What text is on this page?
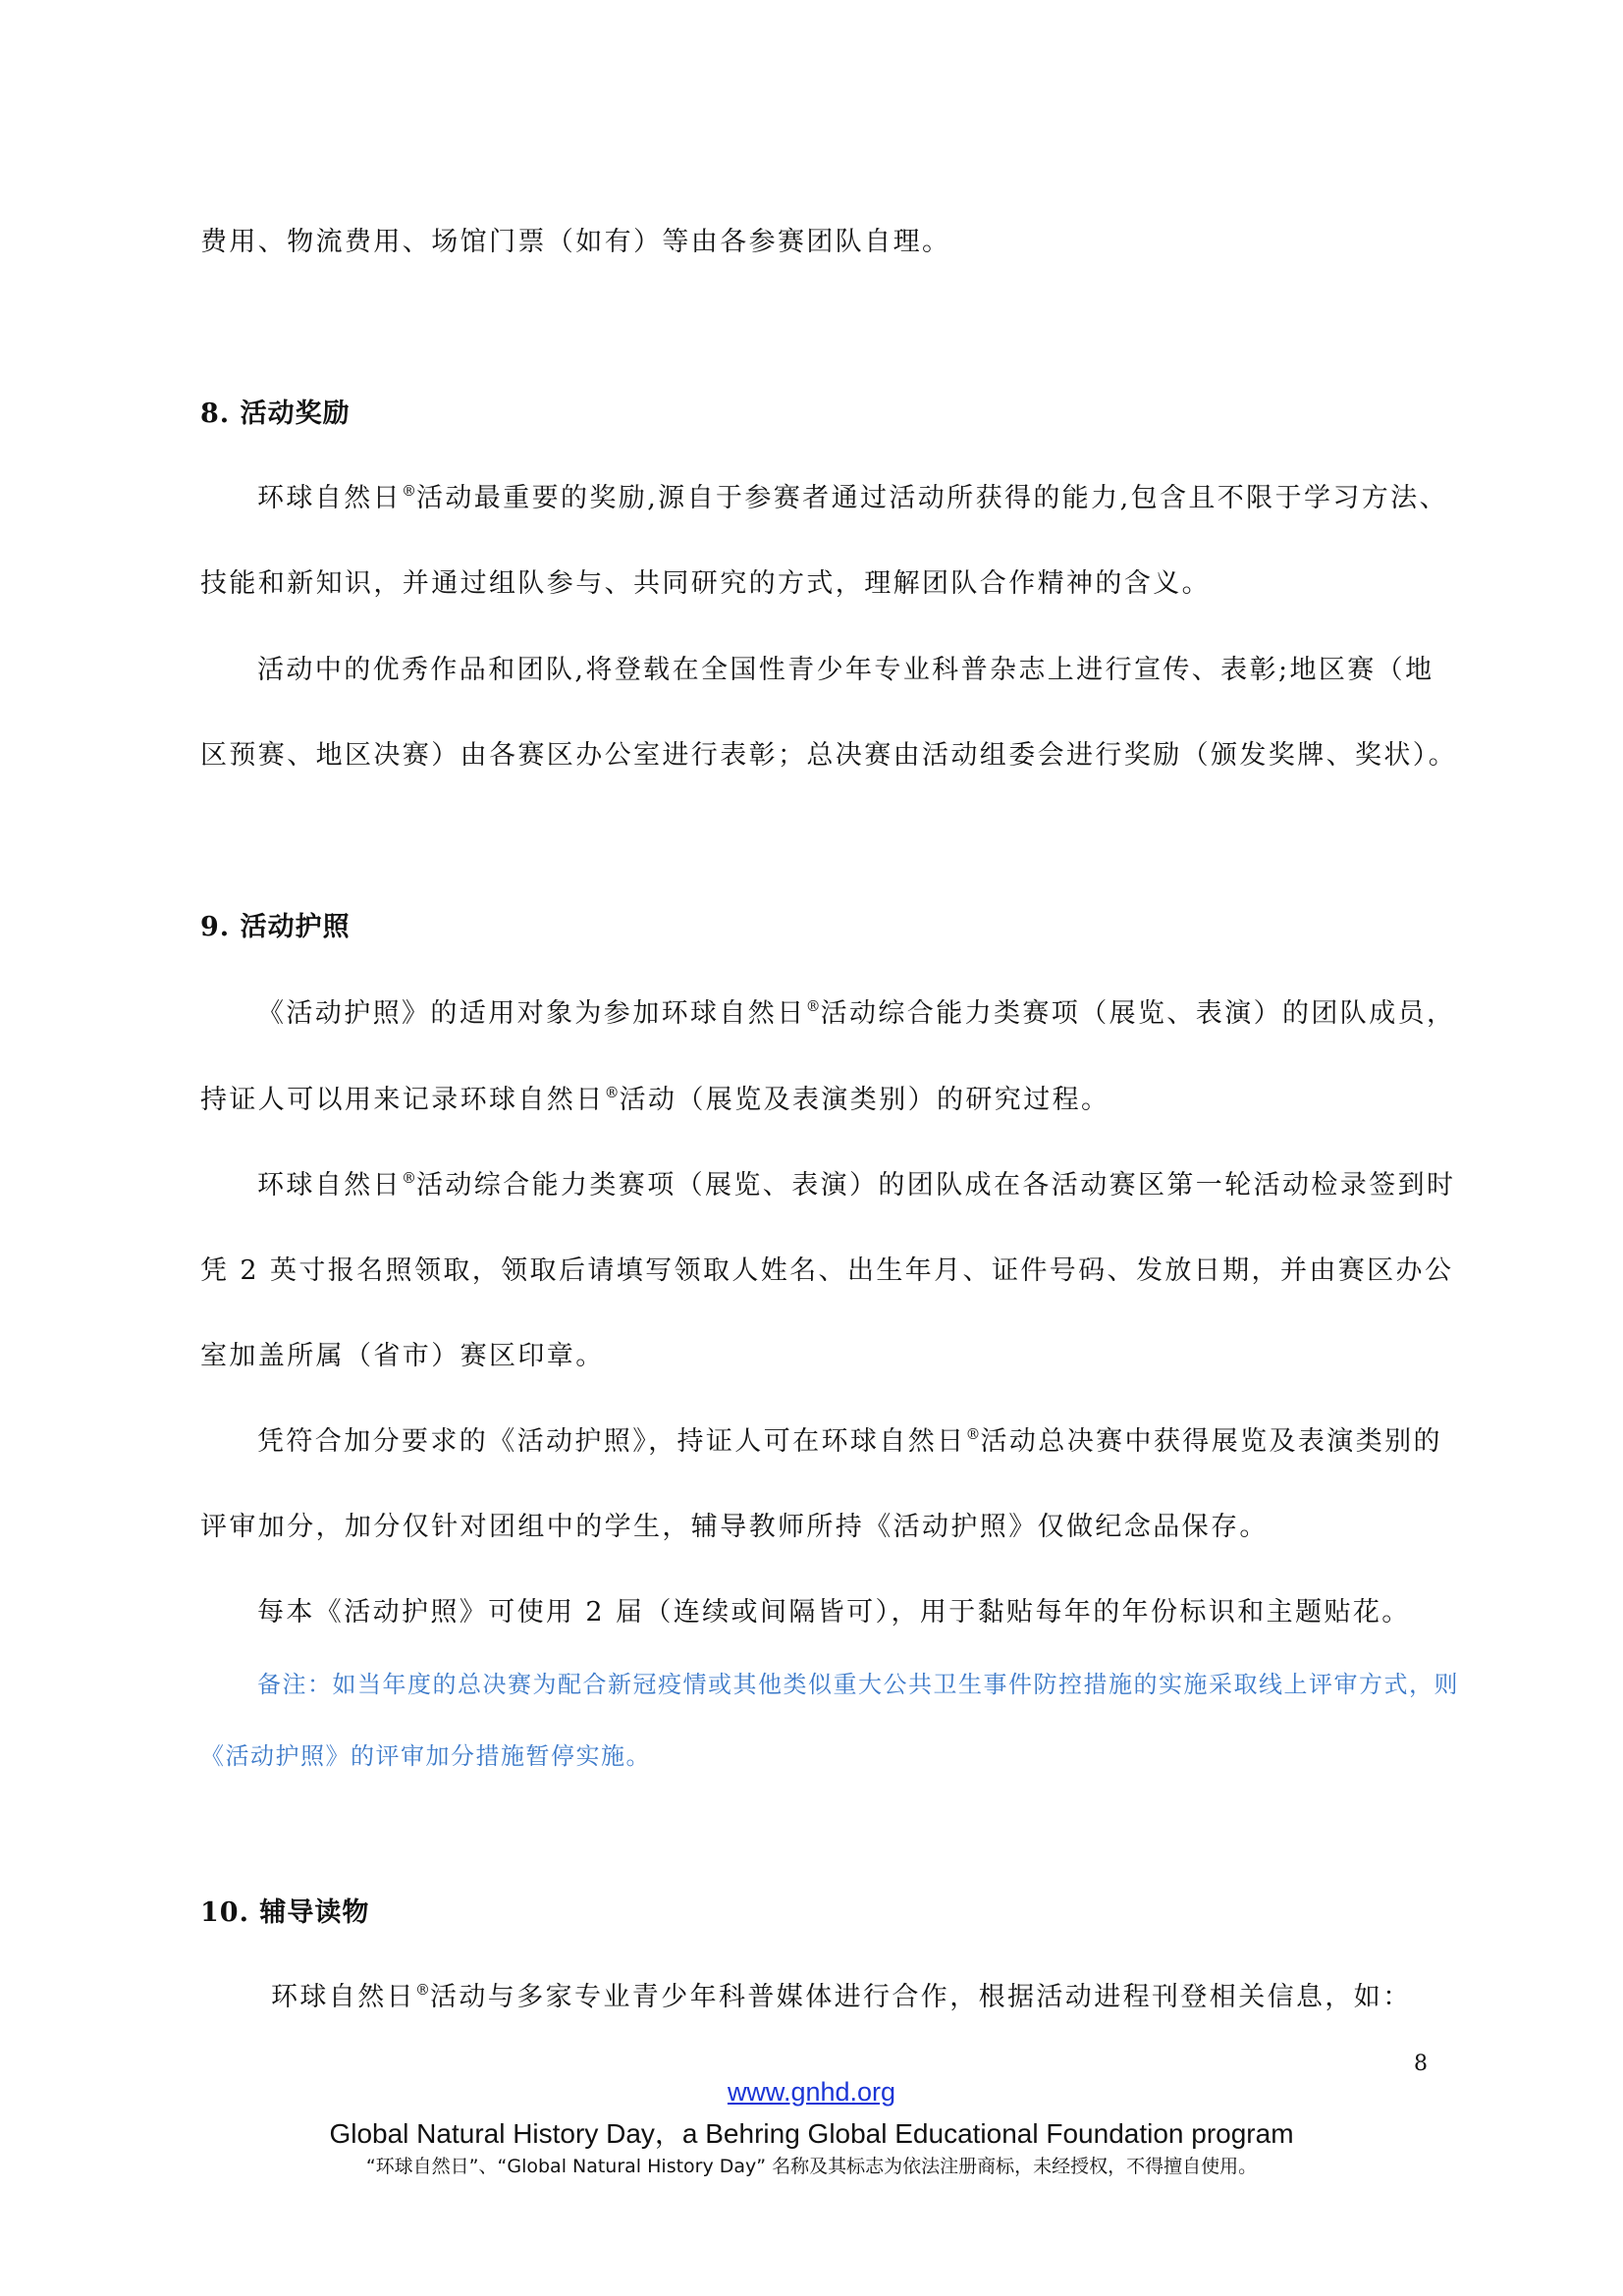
费用、物流费用、场馆门票（如有）等由各参赛团队自理。
8. 活动奖励
环球自然日®活动最重要的奖励,源自于参赛者通过活动所获得的能力,包含且不限于学习方法、
技能和新知识，并通过组队参与、共同研究的方式，理解团队合作精神的含义。
活动中的优秀作品和团队,将登载在全国性青少年专业科普杂志上进行宣传、表彰;地区赛（地
区预赛、地区决赛）由各赛区办公室进行表彰；总决赛由活动组委会进行奖励（颁发奖牌、奖状）。
9. 活动护照
《活动护照》的适用对象为参加环球自然日®活动综合能力类赛项（展览、表演）的团队成员，
持证人可以用来记录环球自然日®活动（展览及表演类别）的研究过程。
环球自然日®活动综合能力类赛项（展览、表演）的团队成在各活动赛区第一轮活动检录签到时
凭 2 英寸报名照领取，领取后请填写领取人姓名、出生年月、证件号码、发放日期，并由赛区办公
室加盖所属（省市）赛区印章。
凭符合加分要求的《活动护照》，持证人可在环球自然日®活动总决赛中获得展览及表演类别的
评审加分，加分仅针对团组中的学生，辅导教师所持《活动护照》仅做纪念品保存。
每本《活动护照》可使用 2 届（连续或间隔皆可），用于黏贴每年的年份标识和主题贴花。
备注：如当年度的总决赛为配合新冠疫情或其他类似重大公共卫生事件防控措施的实施采取线上评审方式，则
《活动护照》的评审加分措施暂停实施。
10. 辅导读物
环球自然日®活动与多家专业青少年科普媒体进行合作，根据活动进程刊登相关信息，如：
8
www.gnhd.org
Global Natural History Day，a Behring Global Educational Foundation program
“环球自然日”、“Global Natural History Day” 名称及其标志为依法注册商标，未经授权，不得擅自使用。
